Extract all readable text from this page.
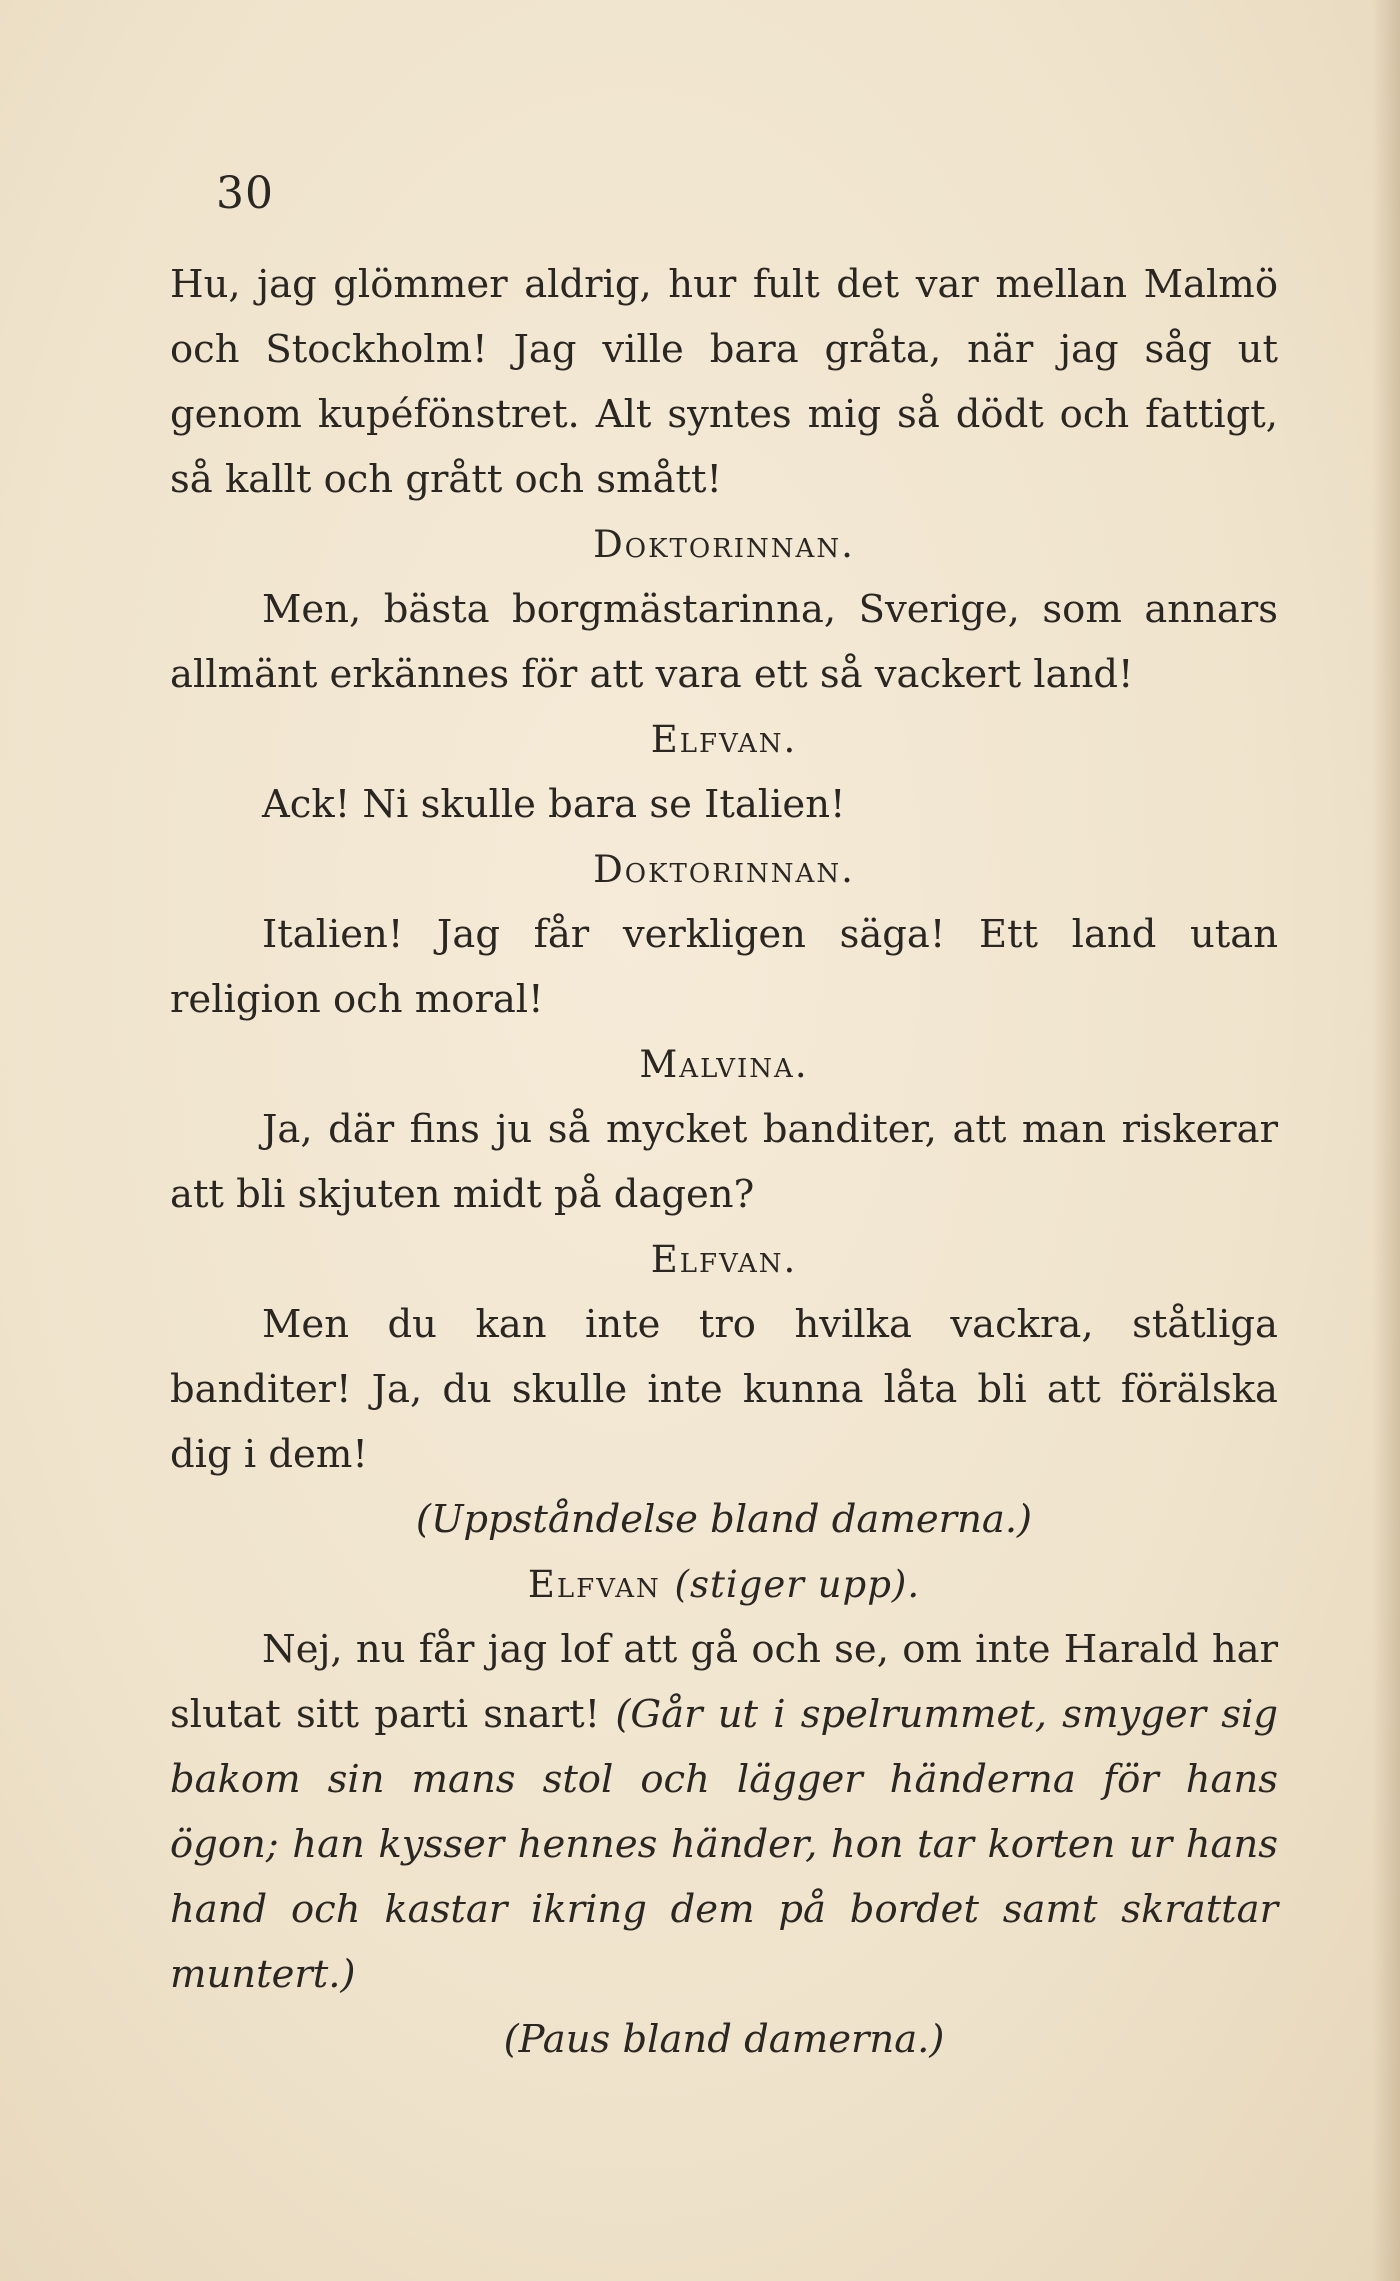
30

Hu, jag glömmer aldrig, hur fult det var mellan Malmö och Stockholm! Jag ville bara gråta, när jag såg ut genom kupéfönstret. Alt syntes mig så dödt och fattigt, så kallt och grått och smått!

Doktorinnan.

Men, bästa borgmästarinna, Sverige, som annars allmänt erkännes för att vara ett så vackert land!

Elfvan.

Ack! Ni skulle bara se Italien!

Doktorinnan.

Italien! Jag får verkligen säga! Ett land utan religion och moral!

Malvina.

Ja, där fins ju så mycket banditer, att man riskerar att bli skjuten midt på dagen?

Elfvan.

Men du kan inte tro hvilka vackra, ståtliga banditer! Ja, du skulle inte kunna låta bli att förälska dig i dem!

(Uppståndelse bland damerna.)

Elfvan (stiger upp).

Nej, nu får jag lof att gå och se, om inte Harald har slutat sitt parti snart! (Går ut i spelrummet, smyger sig bakom sin mans stol och lägger händerna för hans ögon; han kysser hennes händer, hon tar korten ur hans hand och kastar ikring dem på bordet samt skrattar muntert.)

(Paus bland damerna.)
